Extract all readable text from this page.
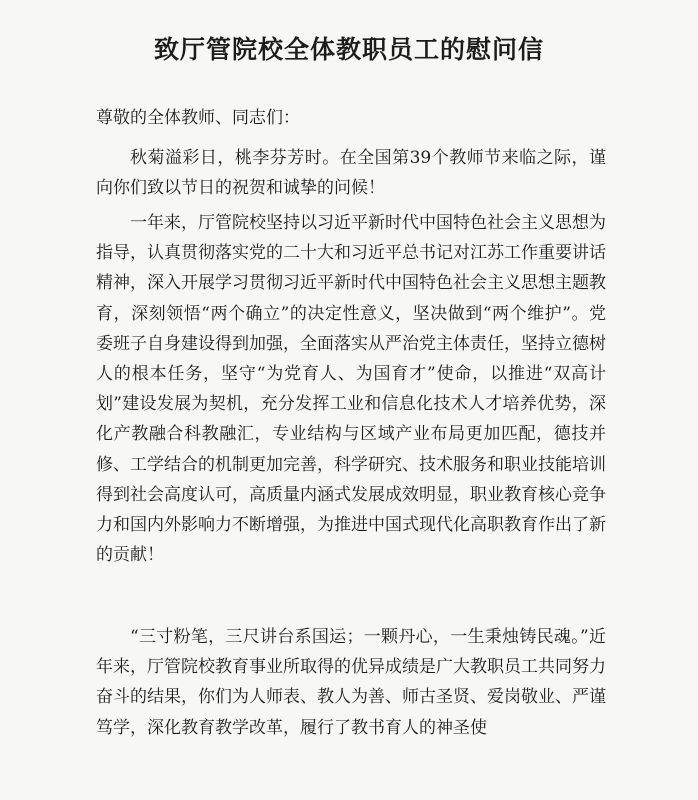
致厅管院校全体教职员工的慰问信
尊敬的全体教师、同志们：

秋菊溢彩日，桃李芬芳时。在全国第39个教师节来临之际，谨向你们致以节日的祝贺和诚挚的问候！

一年来，厅管院校坚持以习近平新时代中国特色社会主义思想为指导，认真贯彻落实党的二十大和习近平总书记对江苏工作重要讲话精神，深入开展学习贯彻习近平新时代中国特色社会主义思想主题教育，深刻领悟“两个确立”的决定性意义，坚决做到“两个维护”。党委班子自身建设得到加强，全面落实从严治党主体责任，坚持立德树人的根本任务，坚守“为党育人、为国育才”使命，以推进“双高计划”建设发展为契机，充分发挥工业和信息化技术人才培养优势，深化产教融合科教融汇，专业结构与区域产业布局更加匹配，德技并修、工学结合的机制更加完善，科学研究、技术服务和职业技能培训得到社会高度认可，高质量内涵式发展成效明显，职业教育核心竞争力和国内外影响力不断增强，为推进中国式现代化高职教育作出了新的贡献！

“三寸粉笔，三尺讲台系国运；一颗丹心，一生秉烛铸民魂。”近年来，厅管院校教育事业所取得的优异成绩是广大教职员工共同努力奋斗的结果，你们为人师表、教人为善、师古圣贤、爱岗敬业、严谨笃学，深化教育教学改革，履行了教书育人的神圣使
